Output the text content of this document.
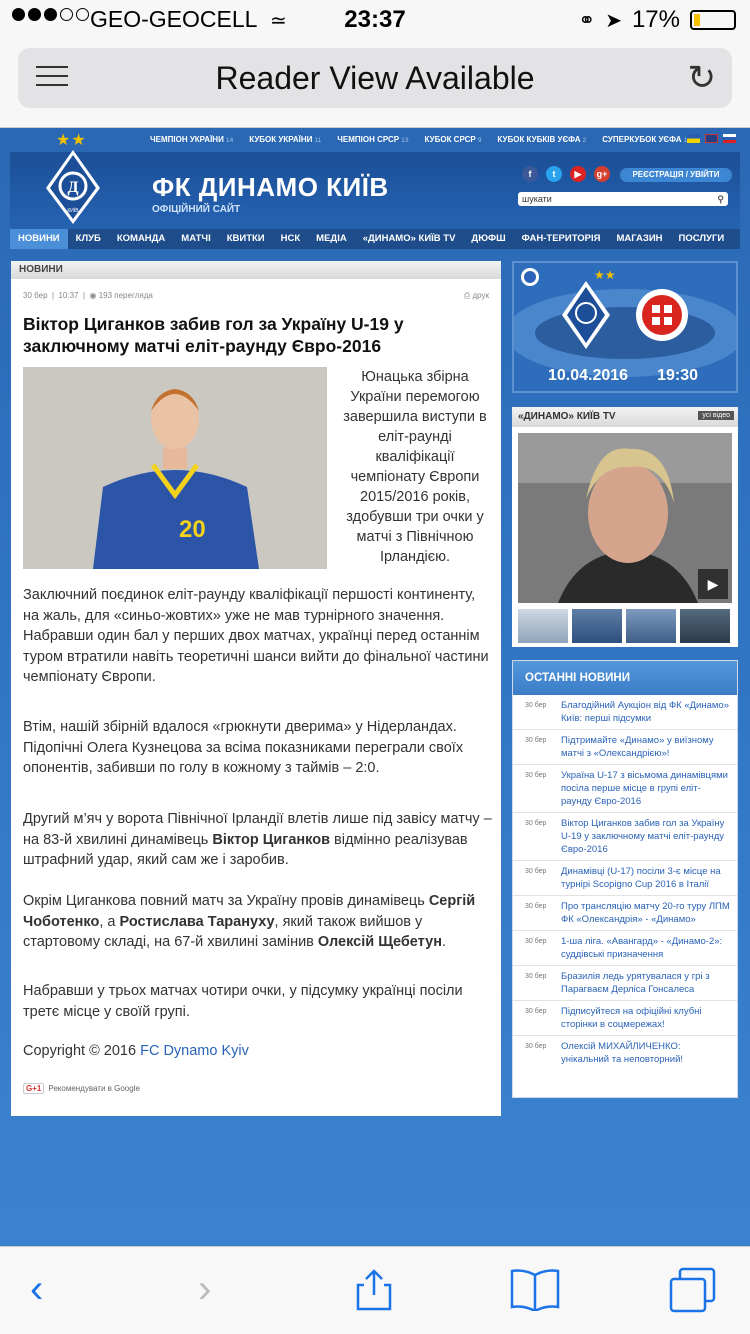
GEO-GEOCELL ≃	23:37	⚭ ➤ 17%
Reader View Available	↻
ЧЕМПІОН УКРАЇНИ 14 КУБОК УКРАЇНИ 11 ЧЕМПІОН СРСР 13 КУБОК СРСР 9 КУБОК КУБКІВ УЄФА 2 СУПЕРКУБОК УЄФА 1
★★
Д
КИЇВ
ФК ДИНАМО КИЇВ
ОФІЦІЙНИЙ САЙТ
f	t	▶	g+	РЕЄСТРАЦІЯ / УВІЙТИ
шукати	⚲
НОВИНИ	КЛУБ	КОМАНДА	МАТЧІ	КВИТКИ	НСК	МЕДІА	«ДИНАМО» КИЇВ TV	ДЮФШ	ФАН-ТЕРИТОРІЯ	МАГАЗИН	ПОСЛУГИ
НОВИНИ
30 бер  |  10:37  |  ◉ 193 перегляда	⎙ друк
Віктор Циганков забив гол за Україну U-19 у заключному матчі еліт-раунду Євро-2016
20
Юнацька збірна України перемогою завершила виступи в еліт-раунді кваліфікації чемпіонату Європи 2015/2016 років, здобувши три очки у матчі з Північною Ірландією.

Заключний поєдинок еліт-раунду кваліфікації першості континенту, на жаль, для «синьо-жовтих» уже не мав турнірного значення. Набравши один бал у перших двох матчах, українці перед останнім туром втратили навіть теоретичні шанси вийти до фінальної частини чемпіонату Європи.

Втім, нашій збірній вдалося «грюкнути дверима» у Нідерландах. Підопічні Олега Кузнецова за всіма показниками переграли своїх опонентів, забивши по голу в кожному з таймів – 2:0.

Другий м’яч у ворота Північної Ірландії влетів лише під завісу матчу – на 83-й хвилині динамівець Віктор Циганков відмінно реалізував штрафний удар, який сам же і заробив.

Окрім Циганкова повний матч за Україну провів динамівець Сергій Чоботенко, а Ростислава Тарануху, який також вийшов у стартовому складі, на 67-й хвилині замінив Олексій Щебетун.

Набравши у трьох матчах чотири очки, у підсумку українці посіли третє місце у своїй групі.

Copyright © 2016 FC Dynamo Kyiv
G+1 Рекомендувати в Google
★★
10.04.2016 19:30
«ДИНАМО» КИЇВ TV	усі відео
▶
ОСТАННІ НОВИНИ
30 бер Благодійний Аукціон від ФК «Динамо» Київ: перші підсумки
30 бер Підтримайте «Динамо» у виїзному матчі з «Олександрією»!
30 бер Україна U-17 з вісьмома динамівцями посіла перше місце в групі еліт-раунду Євро-2016
30 бер Віктор Циганков забив гол за Україну U-19 у заключному матчі еліт-раунду Євро-2016
30 бер Динамівці (U-17) посіли 3-є місце на турнірі Scopigno Cup 2016 в Італії
30 бер Про трансляцію матчу 20-го туру ЛПМ ФК «Олександрія» - «Динамо»
30 бер 1-ша ліга. «Авангард» - «Динамо-2»: суддівські призначення
30 бер Бразилія ледь урятувалася у грі з Парагваєм Дерліса Гонсалеса
30 бер Підписуйтеся на офіційні клубні сторінки в соцмережах!
30 бер Олексій МИХАЙЛИЧЕНКО: унікальний та неповторний!
‹	›
